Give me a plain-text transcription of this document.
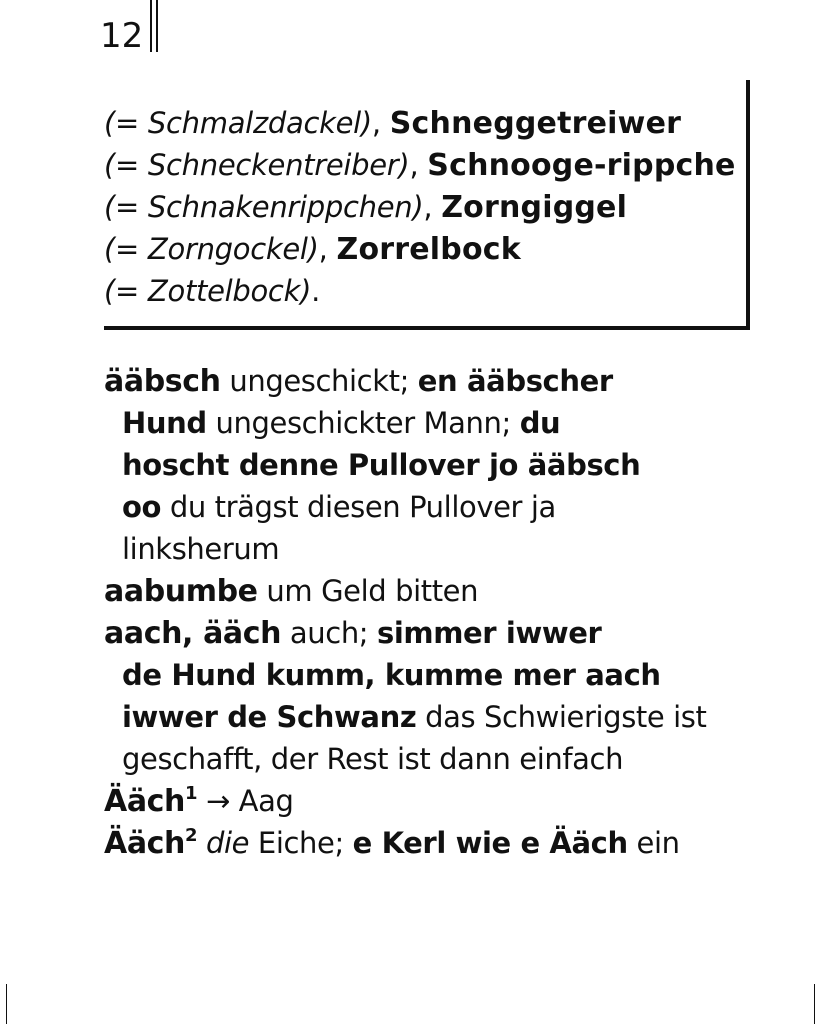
12
(= Schmalzdackel), Schneggetreiwer
(= Schneckentreiber), Schnooge-rippche
(= Schnakenrippchen), Zorngiggel
(= Zorngockel), Zorrelbock
(= Zottelbock).
ääbsch ungeschickt; en ääbscher
Hund ungeschickter Mann; du
hoscht denne Pullover jo ääbsch
oo du trägst diesen Pullover ja
linksherum
aabumbe um Geld bitten
aach, ääch auch; simmer iwwer
de Hund kumm, kumme mer aach
iwwer de Schwanz das Schwierigste ist
geschafft, der Rest ist dann einfach
Ääch$^1$ → Aag
Ääch$^2$ die Eiche; e Kerl wie e Ääch ein
